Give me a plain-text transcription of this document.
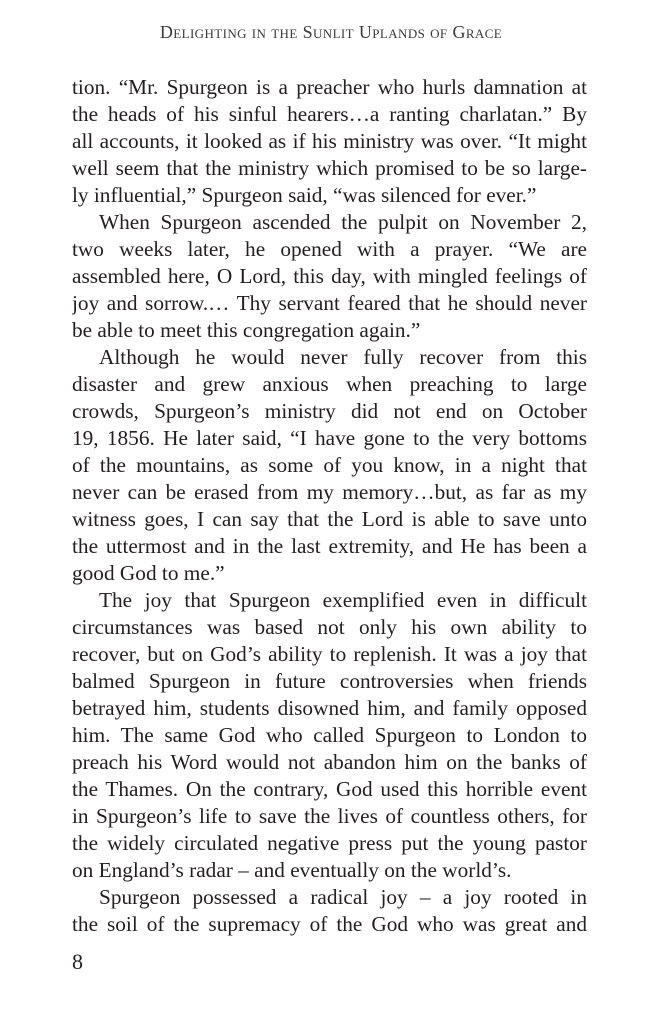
Delighting in the Sunlit Uplands of Grace
tion. “Mr. Spurgeon is a preacher who hurls damnation at
the heads of his sinful hearers…a ranting charlatan.” By
all accounts, it looked as if his ministry was over. “It might
well seem that the ministry which promised to be so large-
ly influential,” Spurgeon said, “was silenced for ever.”
When Spurgeon ascended the pulpit on November 2,
two weeks later, he opened with a prayer. “We are
assembled here, O Lord, this day, with mingled feelings of
joy and sorrow.… Thy servant feared that he should never
be able to meet this congregation again.”
Although he would never fully recover from this
disaster and grew anxious when preaching to large
crowds, Spurgeon’s ministry did not end on October
19, 1856. He later said, “I have gone to the very bottoms
of the mountains, as some of you know, in a night that
never can be erased from my memory…but, as far as my
witness goes, I can say that the Lord is able to save unto
the uttermost and in the last extremity, and He has been a
good God to me.”
The joy that Spurgeon exemplified even in difficult
circumstances was based not only his own ability to
recover, but on God’s ability to replenish. It was a joy that
balmed Spurgeon in future controversies when friends
betrayed him, students disowned him, and family opposed
him. The same God who called Spurgeon to London to
preach his Word would not abandon him on the banks of
the Thames. On the contrary, God used this horrible event
in Spurgeon’s life to save the lives of countless others, for
the widely circulated negative press put the young pastor
on England’s radar – and eventually on the world’s.
Spurgeon possessed a radical joy – a joy rooted in
the soil of the supremacy of the God who was great and
8
